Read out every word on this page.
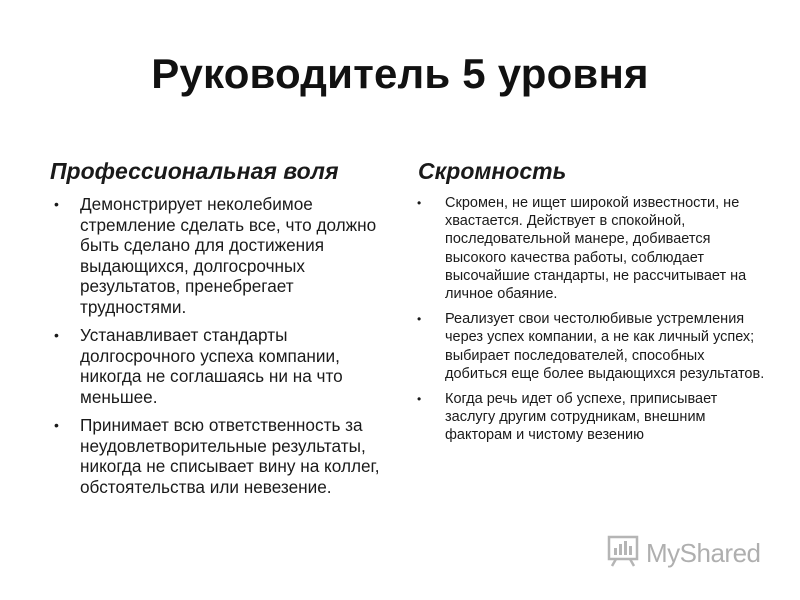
Руководитель 5 уровня
Профессиональная воля
• Демонстрирует неколебимое стремление сделать все, что должно быть сделано для достижения выдающихся, долгосрочных результатов, пренебрегает трудностями.
• Устанавливает стандарты долгосрочного успеха компании, никогда не соглашаясь ни на что меньшее.
• Принимает всю ответственность за неудовлетворительные результаты, никогда не списывает вину на коллег, обстоятельства или невезение.
Скромность
• Скромен, не ищет широкой известности, не хвастается. Действует в спокойной, последовательной манере, добивается высокого качества работы, соблюдает высочайшие стандарты, не рассчитывает на личное обаяние.
• Реализует свои честолюбивые устремления через успех компании, а не как личный успех; выбирает последователей, способных добиться еще более выдающихся результатов.
• Когда речь идет об успехе, приписывает заслугу другим сотрудникам, внешним факторам и чистому везению
MyShared
